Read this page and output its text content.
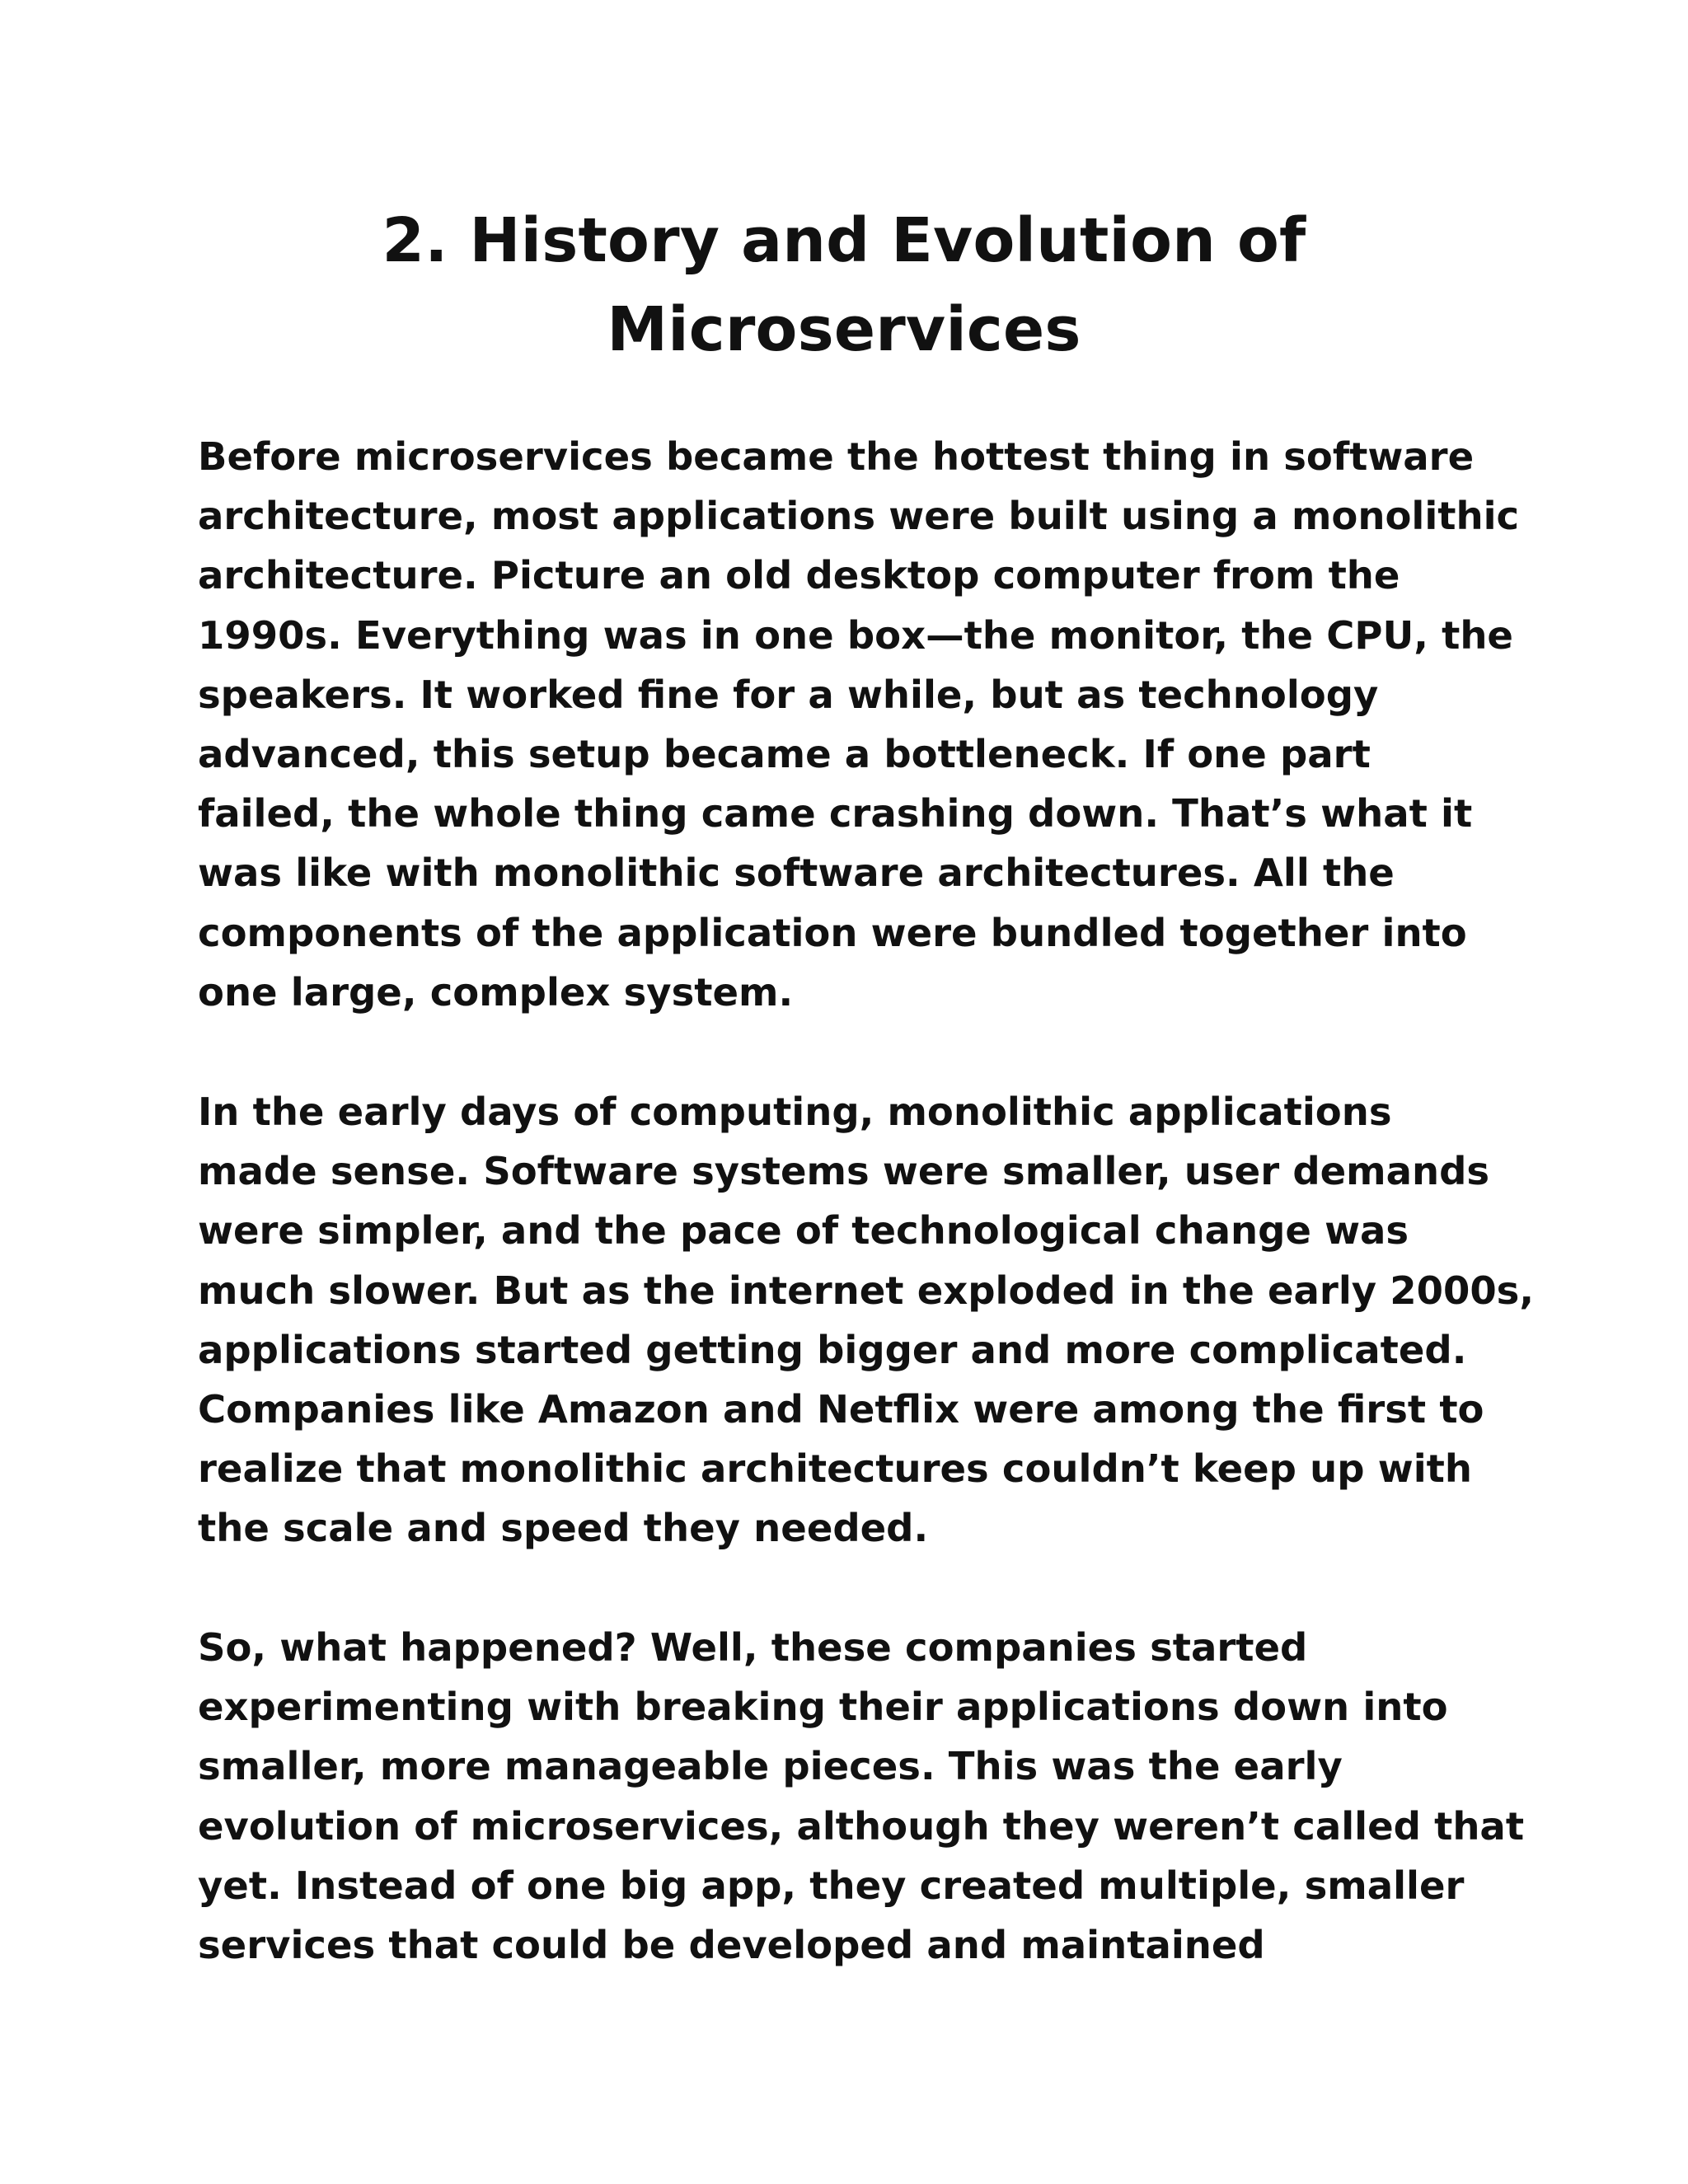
2. History and Evolution of
Microservices

Before microservices became the hottest thing in software
architecture, most applications were built using a monolithic
architecture. Picture an old desktop computer from the
1990s. Everything was in one box—the monitor, the CPU, the
speakers. It worked fine for a while, but as technology
advanced, this setup became a bottleneck. If one part
failed, the whole thing came crashing down. That’s what it
was like with monolithic software architectures. All the
components of the application were bundled together into
one large, complex system.

In the early days of computing, monolithic applications
made sense. Software systems were smaller, user demands
were simpler, and the pace of technological change was
much slower. But as the internet exploded in the early 2000s,
applications started getting bigger and more complicated.
Companies like Amazon and Netflix were among the first to
realize that monolithic architectures couldn’t keep up with
the scale and speed they needed.

So, what happened? Well, these companies started
experimenting with breaking their applications down into
smaller, more manageable pieces. This was the early
evolution of microservices, although they weren’t called that
yet. Instead of one big app, they created multiple, smaller
services that could be developed and maintained
